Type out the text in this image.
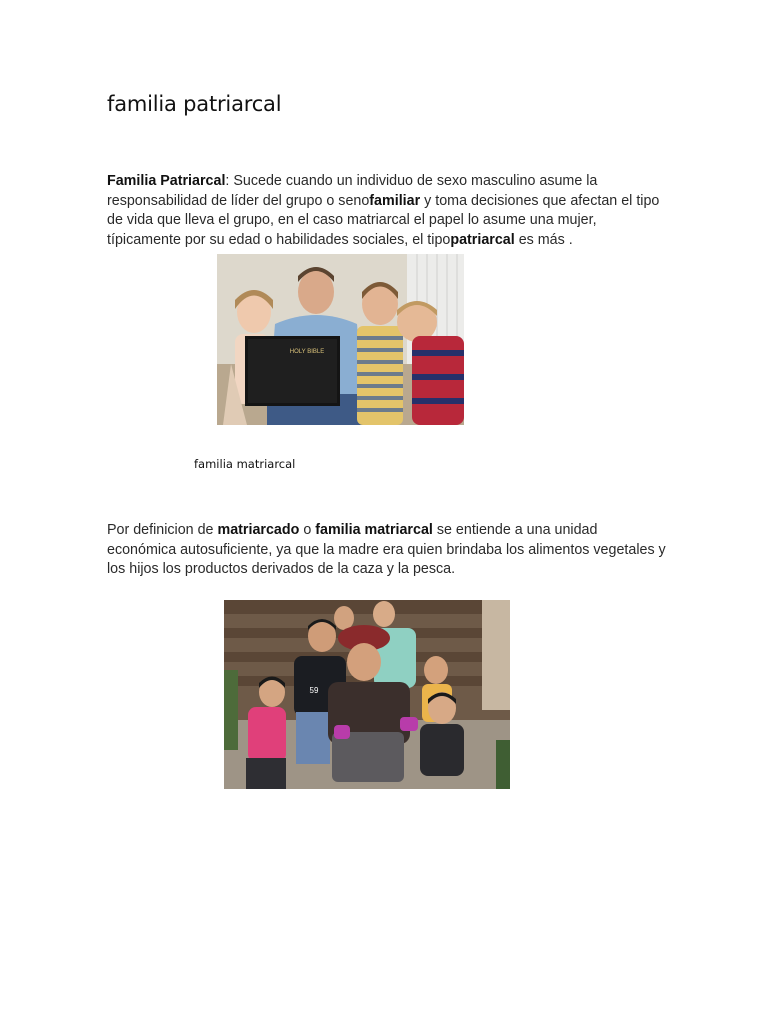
familia patriarcal

Familia Patriarcal: Sucede cuando un individuo de sexo masculino asume la responsabilidad de líder del grupo o senofamiliar y toma decisiones que afectan el tipo de vida que lleva el grupo, en el caso matriarcal el papel lo asume una mujer, típicamente por su edad o habilidades sociales, el tipopatriarcal es más .

HOLY BIBLE
familia matriarcal

Por definicion de matriarcado o familia matriarcal se entiende a una unidad económica autosuficiente, ya que la madre era quien brindaba los alimentos vegetales y los hijos los productos derivados de la caza y la pesca.

59
